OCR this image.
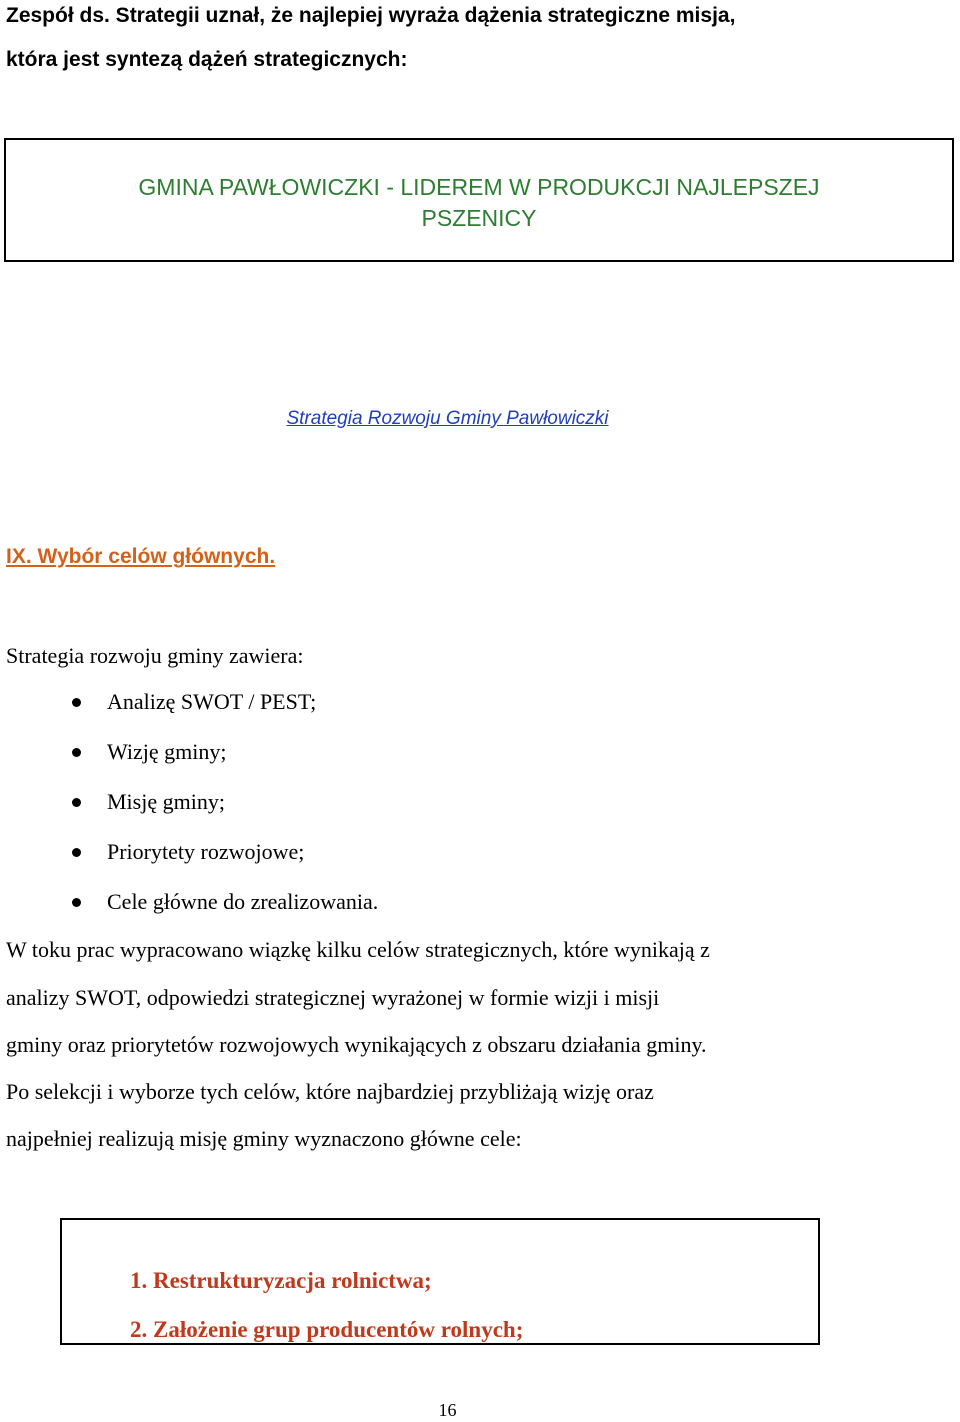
Zespół ds. Strategii uznał, że najlepiej wyraża dążenia strategiczne misja,
która jest syntezą dążeń strategicznych:
GMINA PAWŁOWICZKI - LIDEREM W PRODUKCJI NAJLEPSZEJ
PSZENICY
Strategia Rozwoju Gminy Pawłowiczki
IX. Wybór celów głównych.
Strategia rozwoju gminy zawiera:
Analizę SWOT / PEST;
Wizję gminy;
Misję gminy;
Priorytety rozwojowe;
Cele główne do zrealizowania.
W toku prac wypracowano wiązkę kilku celów strategicznych, które wynikają z
analizy SWOT, odpowiedzi strategicznej wyrażonej w formie wizji i misji
gminy oraz priorytetów rozwojowych wynikających z obszaru działania gminy.
Po selekcji i wyborze tych celów, które najbardziej przybliżają wizję oraz
najpełniej realizują misję gminy wyznaczono główne cele:
1. Restrukturyzacja rolnictwa;
2. Założenie grup producentów rolnych;
16
